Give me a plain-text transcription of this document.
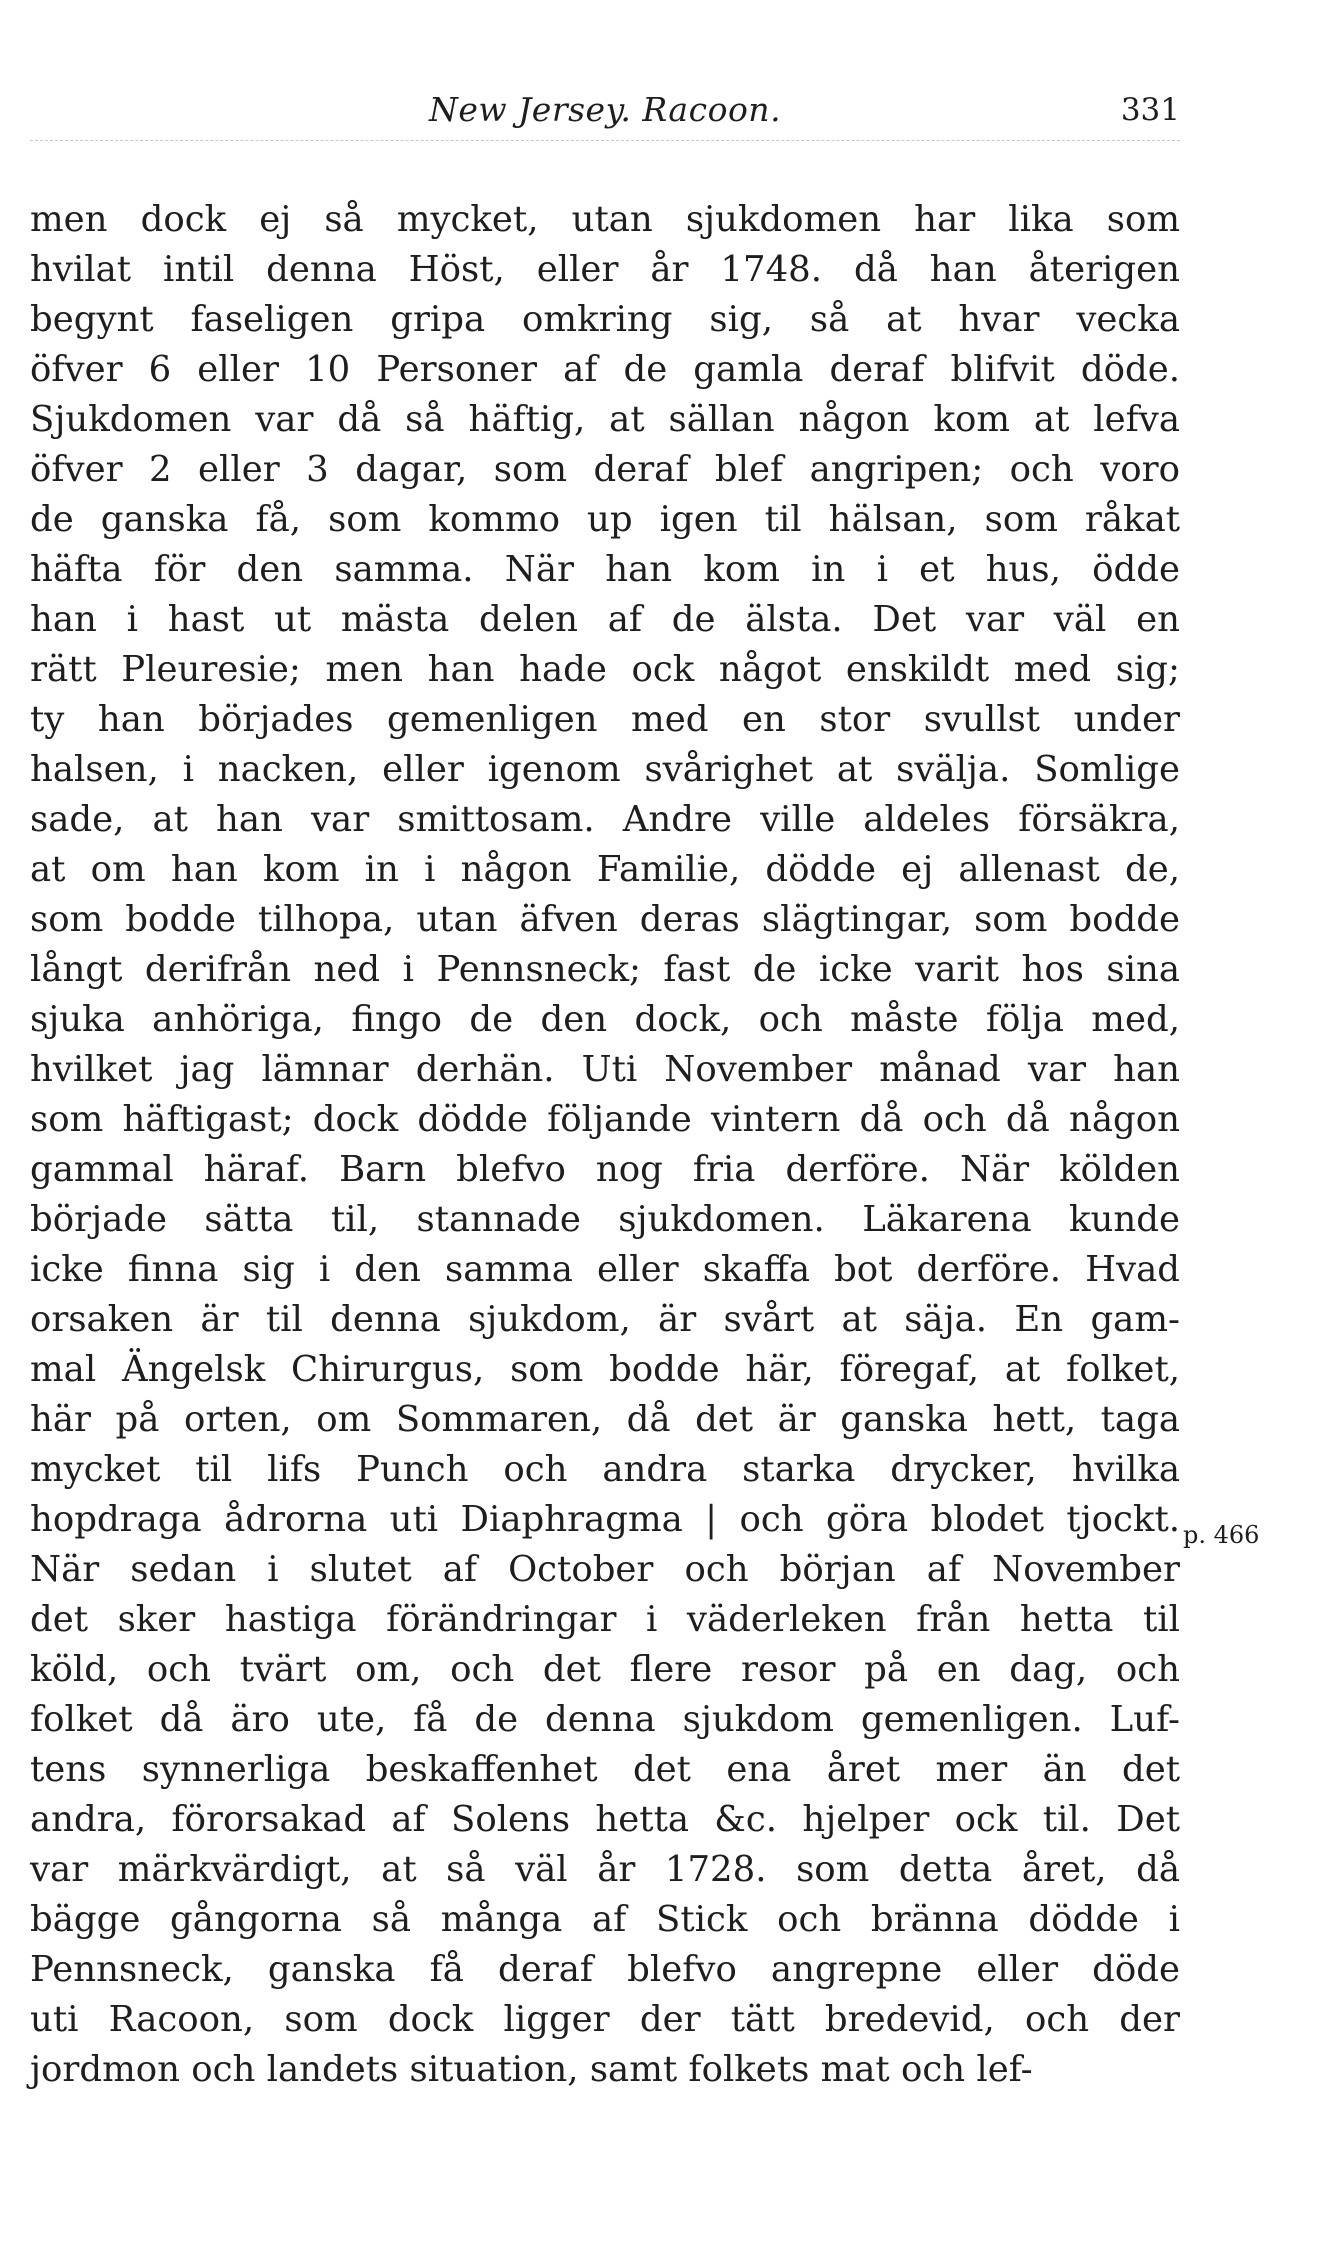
New Jersey. Racoon.	331
men dock ej så mycket, utan sjukdomen har lika som
hvilat intil denna Höst, eller år 1748. då han återigen
begynt faseligen gripa omkring sig, så at hvar vecka
öfver 6 eller 10 Personer af de gamla deraf blifvit döde.
Sjukdomen var då så häftig, at sällan någon kom at lefva
öfver 2 eller 3 dagar, som deraf blef angripen; och voro
de ganska få, som kommo up igen til hälsan, som råkat
häfta för den samma. När han kom in i et hus, ödde
han i hast ut mästa delen af de älsta. Det var väl en
rätt Pleuresie; men han hade ock något enskildt med sig;
ty han börjades gemenligen med en stor svullst under
halsen, i nacken, eller igenom svårighet at svälja. Somlige
sade, at han var smittosam. Andre ville aldeles försäkra,
at om han kom in i någon Familie, dödde ej allenast de,
som bodde tilhopa, utan äfven deras slägtingar, som bodde
långt derifrån ned i Pennsneck; fast de icke varit hos sina
sjuka anhöriga, fingo de den dock, och måste följa med,
hvilket jag lämnar derhän. Uti November månad var han
som häftigast; dock dödde följande vintern då och då någon
gammal häraf. Barn blefvo nog fria derföre. När kölden
började sätta til, stannade sjukdomen. Läkarena kunde
icke finna sig i den samma eller skaffa bot derföre. Hvad
orsaken är til denna sjukdom, är svårt at säja. En gam-
mal Ängelsk Chirurgus, som bodde här, föregaf, at folket,
här på orten, om Sommaren, då det är ganska hett, taga
mycket til lifs Punch och andra starka drycker, hvilka
hopdraga ådrorna uti Diaphragma | och göra blodet tjockt.
När sedan i slutet af October och början af November
det sker hastiga förändringar i väderleken från hetta til
köld, och tvärt om, och det flere resor på en dag, och
folket då äro ute, få de denna sjukdom gemenligen. Luf-
tens synnerliga beskaffenhet det ena året mer än det
andra, förorsakad af Solens hetta &c. hjelper ock til. Det
var märkvärdigt, at så väl år 1728. som detta året, då
bägge gångorna så många af Stick och bränna dödde i
Pennsneck, ganska få deraf blefvo angrepne eller döde
uti Racoon, som dock ligger der tätt bredevid, och der
jordmon och landets situation, samt folkets mat och lef-
p. 466
